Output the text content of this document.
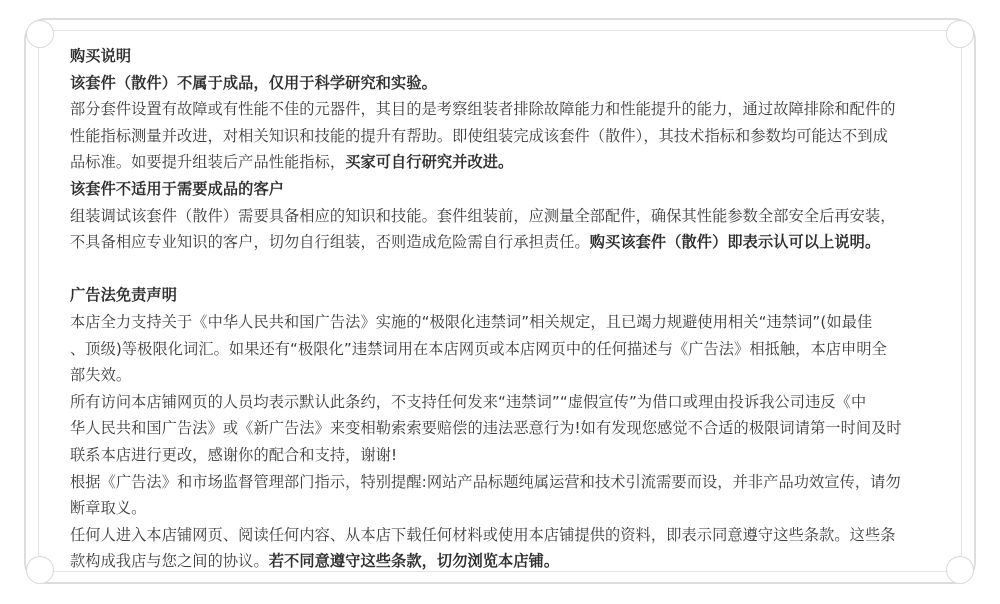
购买说明
该套件（散件）不属于成品，仅用于科学研究和实验。
部分套件设置有故障或有性能不佳的元器件，其目的是考察组装者排除故障能力和性能提升的能力，通过故障排除和配件的
性能指标测量并改进，对相关知识和技能的提升有帮助。即使组装完成该套件（散件），其技术指标和参数均可能达不到成
品标准。如要提升组装后产品性能指标，买家可自行研究并改进。
该套件不适用于需要成品的客户
组装调试该套件（散件）需要具备相应的知识和技能。套件组装前，应测量全部配件，确保其性能参数全部安全后再安装，
不具备相应专业知识的客户，切勿自行组装，否则造成危险需自行承担责任。购买该套件（散件）即表示认可以上说明。
广告法免责声明
本店全力支持关于《中华人民共和国广告法》实施的“极限化违禁词”相关规定，且已竭力规避使用相关“违禁词”(如最佳
、顶级)等极限化词汇。如果还有“极限化”违禁词用在本店网页或本店网页中的任何描述与《广告法》相抵触，本店申明全
部失效。
所有访问本店铺网页的人员均表示默认此条约，不支持任何发来“违禁词”“虚假宣传”为借口或理由投诉我公司违反《中
华人民共和国广告法》或《新广告法》来变相勒索索要赔偿的违法恶意行为!如有发现您感觉不合适的极限词请第一时间及时
联系本店进行更改，感谢你的配合和支持，谢谢!
根据《广告法》和市场监督管理部门指示，特别提醒:网站产品标题纯属运营和技术引流需要而设，并非产品功效宣传，请勿
断章取义。
任何人进入本店铺网页、阅读任何内容、从本店下载任何材料或使用本店铺提供的资料，即表示同意遵守这些条款。这些条
款构成我店与您之间的协议。若不同意遵守这些条款，切勿浏览本店铺。
